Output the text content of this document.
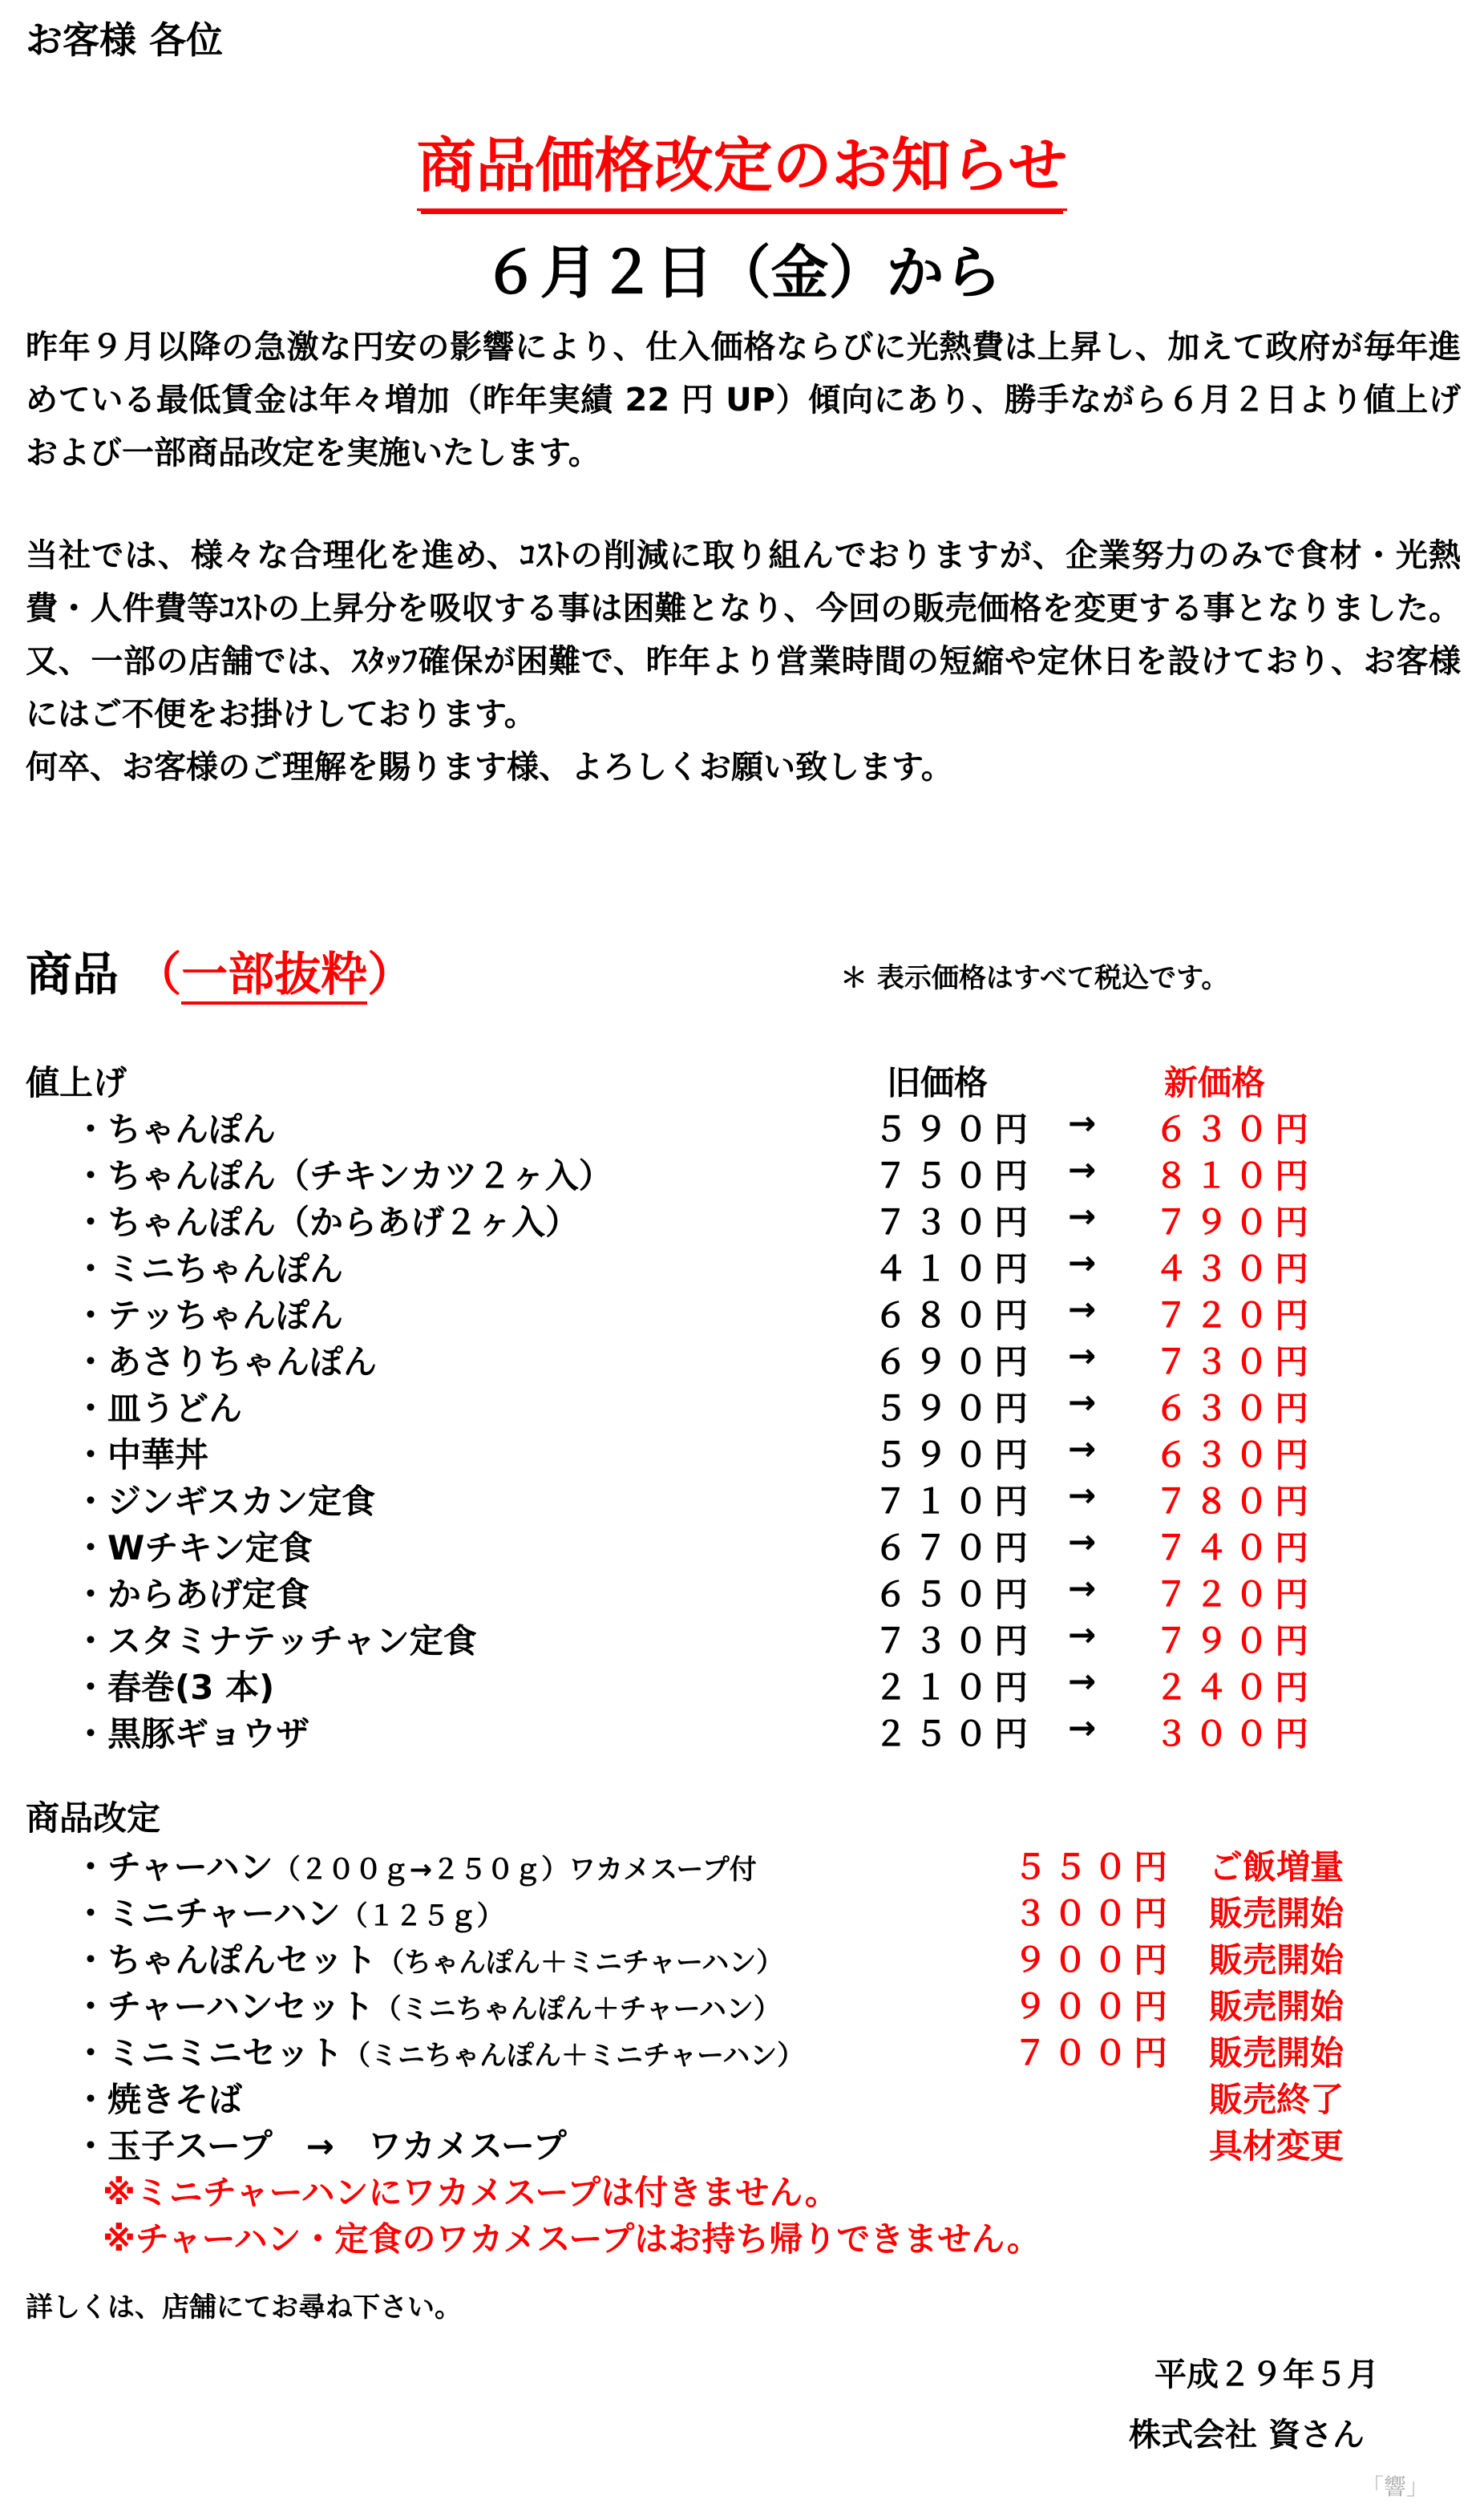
お客様 各位
商品価格改定のお知らせ
６月２日（金）から
昨年９月以降の急激な円安の影響により、仕入価格ならびに光熱費は上昇し、加えて政府が毎年進めている最低賃金は年々増加（昨年実績 22 円 UP）傾向にあり、勝手ながら６月２日より値上げおよび一部商品改定を実施いたします。
当社では、様々な合理化を進め、ｺｽﾄの削減に取り組んでおりますが、企業努力のみで食材・光熱費・人件費等ｺｽﾄの上昇分を吸収する事は困難となり、今回の販売価格を変更する事となりました。 又、一部の店舗では、ｽﾀｯﾌ確保が困難で、昨年より営業時間の短縮や定休日を設けており、お客様にはご不便をお掛けしております。
何卒、お客様のご理解を賜ります様、よろしくお願い致します。
商品 （一部抜粋）	＊ 表示価格はすべて税込です。
値上げ	旧価格	新価格
・ちゃんぽん	５９０円 → ６３０円
・ちゃんぽん（チキンカツ２ヶ入）	７５０円 → ８１０円
・ちゃんぽん（からあげ２ヶ入）	７３０円 → ７９０円
・ミニちゃんぽん	４１０円 → ４３０円
・テッちゃんぽん	６８０円 → ７２０円
・あさりちゃんぽん	６９０円 → ７３０円
・皿うどん	５９０円 → ６３０円
・中華丼	５９０円 → ６３０円
・ジンギスカン定食	７１０円 → ７８０円
・Wチキン定食	６７０円 → ７４０円
・からあげ定食	６５０円 → ７２０円
・スタミナテッチャン定食	７３０円 → ７９０円
・春巻(3 本)	２１０円 → ２４０円
・黒豚ギョウザ	２５０円 → ３００円
商品改定
・チャーハン（２００ｇ→２５０ｇ）ワカメスープ付	５５０円 ご飯増量
・ミニチャーハン（１２５ｇ）	３００円 販売開始
・ちゃんぽんセット（ちゃんぽん＋ミニチャーハン）	９００円 販売開始
・チャーハンセット（ミニちゃんぽん＋チャーハン）	９００円 販売開始
・ミニミニセット（ミニちゃんぽん＋ミニチャーハン）	７００円 販売開始
・焼きそば	販売終了
・玉子スープ　→　ワカメスープ	具材変更
※ミニチャーハンにワカメスープは付きません。
※チャーハン・定食のワカメスープはお持ち帰りできません。
詳しくは、店舗にてお尋ね下さい。
平成２９年５月
株式会社 資さん
「響」
